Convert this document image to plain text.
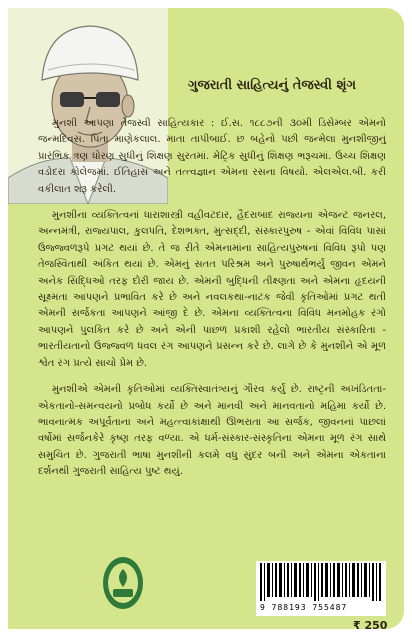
ગુજરાતી સાહિત્યનું તેજસ્વી શૃંગ

મુનશી આપણા તેજસ્વી સાહિત્યકાર : ઈ.સ. ૧૮૮૭ની ૩૦મી ડિસેમ્બર એમનો જન્મદિવસ. પિતા માણેકલાલ. માતા તાપીબાઈ. છ બહેનો પછી જન્મેલા મુનશીજીનું પ્રારંભિક ત્રણ ધોરણ સુધીનું શિક્ષણ સુરતમાં. મેટ્રિક સુધીનું શિક્ષણ ભરૂચમાં. ઉચ્ચ શિક્ષણ વડોદરા કોલેજમાં. ઈતિહાસ અને તત્ત્વજ્ઞાન એમના રસના વિષયો. એલએલ.બી. કરી વકીલાત શરૂ કરેલી.

મુનશીના વ્યક્તિત્વનાં ધારાશાસ્ત્રી વહીવટદાર, હૈદરાબાદ રાજ્યના એજન્ટ જનરલ, અન્નમંત્રી, રાજ્યપાલ, કુલપતિ, દેશભક્ત, મુત્સદ્દી, સંસ્કારપુરુષ - એવાં વિવિધ પાસાં ઉજ્જ્વળરૂપે પ્રગટ થયાં છે. તે જ રીતે એમનામાંના સાહિત્યપુરુષનાં વિવિધ રૂપો પણ તેજસ્વિતાથી અંકિત થયાં છે. એમનું સતત પરિશ્રમ અને પુરુષાર્થભર્યું જીવન એમને અનેક સિદ્ધિઓ તરફ દોરી જાય છે. એમની બુદ્ધિની તીક્ષ્ણતા અને એમના હૃદયની સૂક્ષ્મતા આપણને પ્રભાવિત કરે છે અને નવલકથા-નાટક જેવી કૃતિઓમાં પ્રગટ થતી એમની સર્જકતા આપણને આંજી દે છે. એમના વ્યક્તિત્વના વિવિધ મનમોહક રંગો આપણને પુલકિત કરે છે અને એની પાછળ પ્રકાશી રહેલો ભારતીય સંસ્કારિતા - ભારતીયતાનો ઉજ્જ્વળ ધવલ રંગ આપણને પ્રસન્ન કરે છે. લાગે છે કે મુનશીને એ મૂળ શ્વેત રંગ પ્રત્યે સાચો પ્રેમ છે.

મુનશીએ એમની કૃતિઓમાં વ્યક્તિસ્વાતંત્ર્યનું ગૌરવ કર્યું છે. રાષ્ટ્રની અખંડિતતા-એકતાનો-સમન્વયનો પ્રબોધ કર્યો છે અને માનવી અને માનવતાનો મહિમા કર્યો છે. ભાવનાત્મક અપૂર્વતાના અને મહત્ત્વાકાંક્ષાથી ઊભરાતા આ સર્જક, જીવનનાં પાછલાં વર્ષોમાં સર્જનકેરે કૃષ્ણ તરફ વળ્યા. એ ધર્મ-સંસ્કાર-સંસ્કૃતિના એમના મૂળ રંગ સાથે સમુચિત છે. ગુજરાતી ભાષા મુનશીની કલમે વધુ સુંદર બની અને એમના એકતાના દર્શનથી ગુજરાતી સાહિત્ય પુષ્ટ થયું.

9 788193 755487
₹ 250
